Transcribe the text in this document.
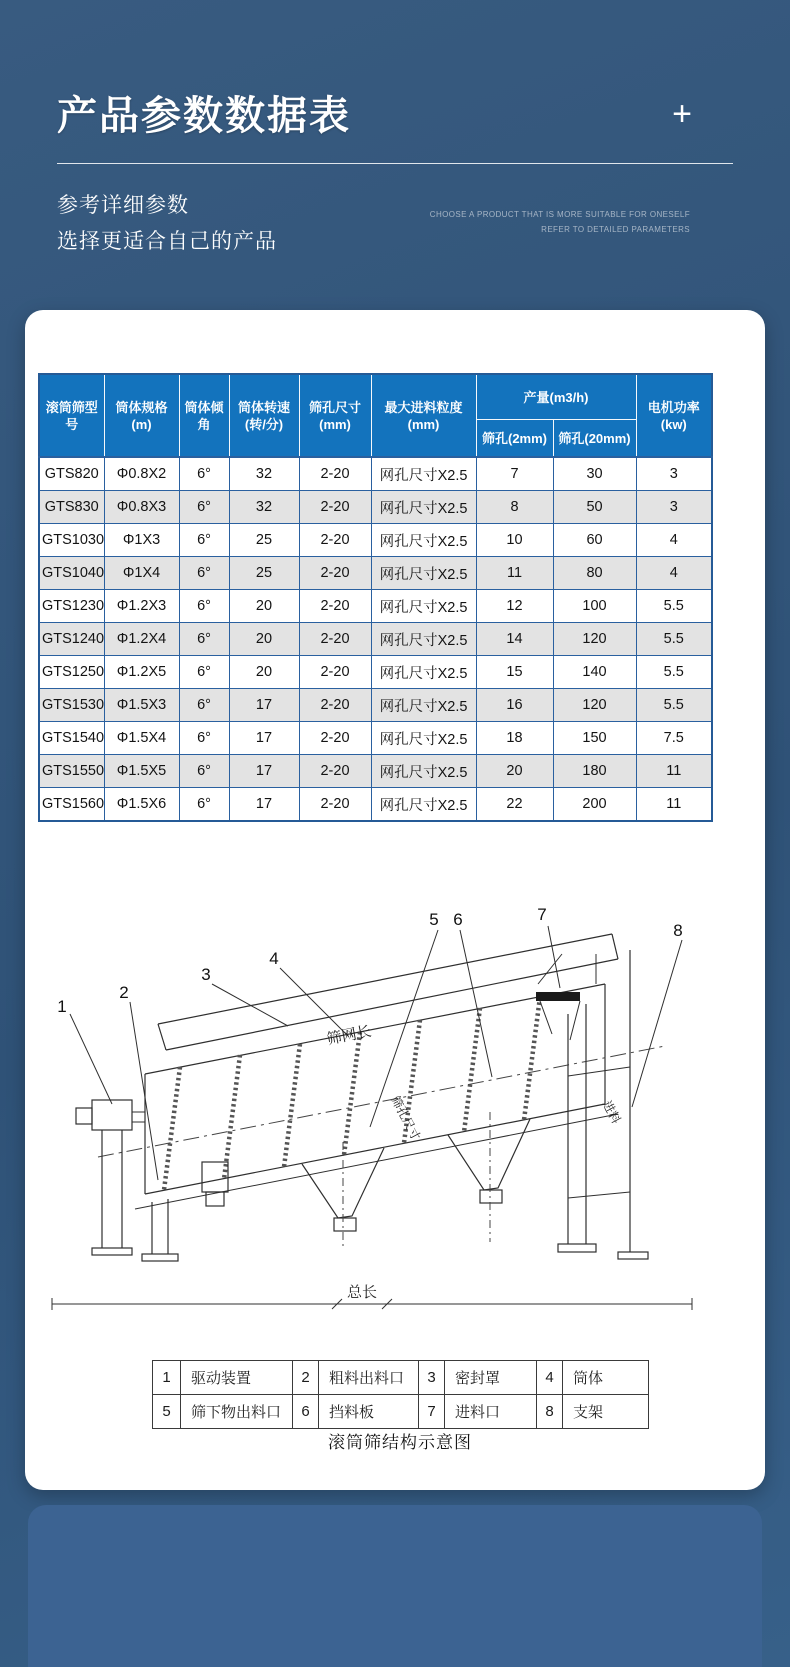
产品参数数据表	+
参考详细参数
选择更适合自己的产品
CHOOSE A PRODUCT THAT IS MORE SUITABLE FOR ONESELF
REFER TO DETAILED PARAMETERS
滚筒筛型号	筒体规格(m)	筒体倾角	筒体转速(转/分)	筛孔尺寸(mm)	最大进料粒度(mm)	产量(m3/h)		电机功率(kw)
						筛孔(2mm)	筛孔(20mm)	
GTS820	Φ0.8X2	6°	32	2-20	网孔尺寸X2.5	7	30	3
GTS830	Φ0.8X3	6°	32	2-20	网孔尺寸X2.5	8	50	3
GTS1030	Φ1X3	6°	25	2-20	网孔尺寸X2.5	10	60	4
GTS1040	Φ1X4	6°	25	2-20	网孔尺寸X2.5	11	80	4
GTS1230	Φ1.2X3	6°	20	2-20	网孔尺寸X2.5	12	100	5.5
GTS1240	Φ1.2X4	6°	20	2-20	网孔尺寸X2.5	14	120	5.5
GTS1250	Φ1.2X5	6°	20	2-20	网孔尺寸X2.5	15	140	5.5
GTS1530	Φ1.5X3	6°	17	2-20	网孔尺寸X2.5	16	120	5.5
GTS1540	Φ1.5X4	6°	17	2-20	网孔尺寸X2.5	18	150	7.5
GTS1550	Φ1.5X5	6°	17	2-20	网孔尺寸X2.5	20	180	11
GTS1560	Φ1.5X6	6°	17	2-20	网孔尺寸X2.5	22	200	11
1
2
3
4
5 6	7
8
筛网长
筛孔尺寸	进料
总长
1	驱动装置	2	粗料出料口	3	密封罩	4	筒体
5	筛下物出料口	6	挡料板	7	进料口	8	支架
滚筒筛结构示意图
